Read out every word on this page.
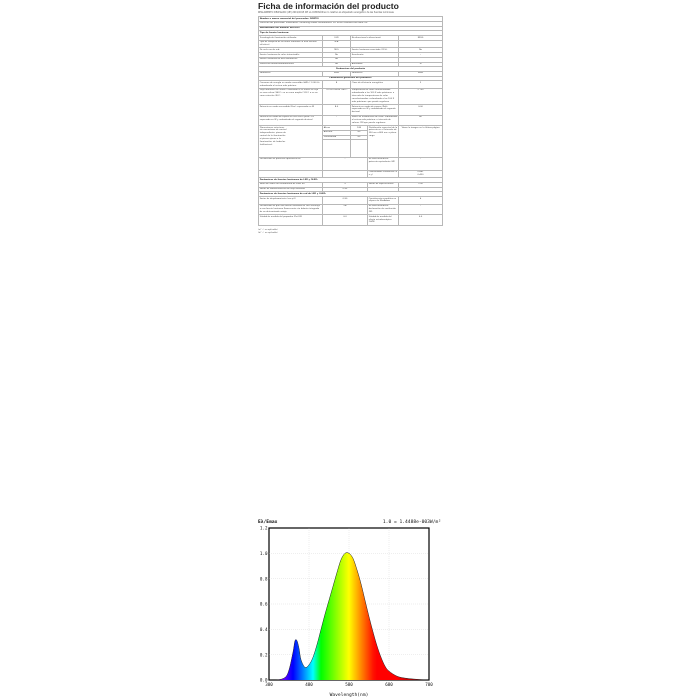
Ficha de información del producto
REGLAMENTO DELEGADO (UE) 2019/2015 DE LA COMISIÓN en lo relativo al etiquetado energético de las fuentes luminosas
Nombre o marca comercial del proveedor: ISPATIO				
Dirección del proveedor: einekhaster Consulting GmbH, Bethmannstr. 50, 60325 Frankfurt am Main, DE				
Identificador del modelo: A60-E00				
Tipo de fuente luminosa:				
Tecnología de iluminación utilizada:	LED	No direccional o direccional:		NDLS
Tipo de casquillo de la fuente luminosa (u otra interfaz eléctrica)	N/A			
De red o no de red:	MLS	Fuente luminosa conectada (CLS):		No
Fuente luminosa de color sintonizable:	No	Envolvente:		-
Fuente luminosa de alta luminancia:	No			
Protección antideslumbramiento:	No	Atenuable:		Sí
Parámetros del producto				
Parámetro	Valor	Parámetro		Valor
Parámetros generales del producto:				
Consumo de energía en modo encendido (kWh / 1 000 h), redondeado al entero más próximo	8	Clase de eficiencia energética		F
Flujo luminoso útil (Φuse), indicando si se refiere al flujo en una esfera (360°), en un cono amplio (120°) o en un cono estrecho (90°)	710 en Esfera (360°)	Temperatura de color correlacionada, redondeada a los 100 K más próximos, o intervalo de temperaturas de color correlacionadas, redondeado a los 100 K más próximos, que puede regularse		2 700
Potencia en modo encendido (Pon), expresada en W	8,0	Potencia en modo de espera (Psb), expresada en W y redondeada al segundo decimal		0,00
Potencia en modo de espera en red (Pnet) para CLS, expresada en W y redondeada al segundo decimal	-	Índice de rendimiento de color, redondeado al entero más próximo, o intervalo de valores CRI que puede regularse		80

Dimensiones exteriores sin mecanismo de control independiente, piezas de control de la iluminación ni piezas ajenas a la iluminación, de haberlos (milímetros)	Altura	108	Distribución espectral de la potencia en el intervalo de 250 nm a 800 nm, a plena carga	Véase la imagen en la última página
	Anchura	60		
	Profundidad	60		

Declaración de potencia equivalente(a)	-		En caso afirmativo, potencia equivalente (W)	-
			Coordenadas cromáticas (x e y)	0,461
0,420

Parámetros de fuentes luminosas de LED y OLED:				
Valor del índice de rendimiento de color R9	9		Factor de supervivencia	1,00
Factor de mantenimiento del flujo luminoso	0,95			
Parámetros de fuentes luminosas de red de LED y OLED:				
Factor de desplazamiento (cos φ1)	0,90		Consistencia cromática en elipses de MacAdam	6
Declaración de que una fuente luminosa de LED sustituye a una fuente luminosa fluorescente sin balasto integrado de un determinado vataje.	-(b)		En caso afirmativo, declaración de sustitución (W)	-
Unidad de medida del parpadeo (Pst LM)	0,0		Unidad de medida del efecto estroboscópico (SVM)	0,0
(a) '-': no aplicable;
(b) '-': no aplicable;
0.0
0.2
0.4
0.6
0.8
1.0
1.2
380	480	580	680	780
Eλ/Emax	1.0 = 1.4488e-003W/m²
Wavelength(nm)
